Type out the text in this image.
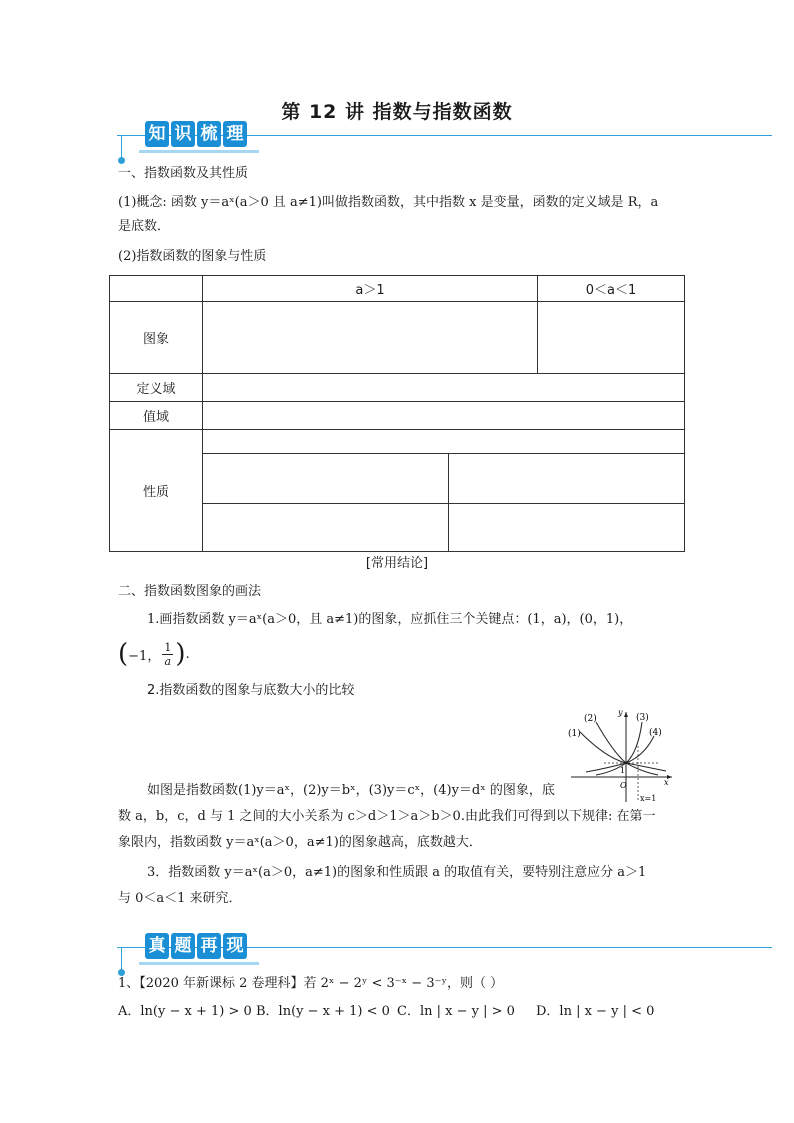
第 12 讲 指数与指数函数
知 识 梳 理
一、指数函数及其性质
(1)概念: 函数 y＝aˣ(a＞0 且 a≠1)叫做指数函数，其中指数 x 是变量，函数的定义域是 R，a
是底数．
(2)指数函数的图象与性质
	a＞1		0＜a＜1
图象			
定义域			
值域			
性质			

[常用结论]
二、指数函数图象的画法
1.画指数函数 y＝aˣ(a＞0，且 a≠1)的图象，应抓住三个关键点：(1，a)，(0，1)，
( −1， $\frac{1}{a}$ ) .
2.指数函数的图象与底数大小的比较
(1)
(2)	(3)
(4)
x
y
O
1
x=1
如图是指数函数(1)y＝aˣ，(2)y＝bˣ，(3)y＝cˣ，(4)y＝dˣ 的图象，底
数 a，b，c，d 与 1 之间的大小关系为 c＞d＞1＞a＞b＞0.由此我们可得到以下规律: 在第一
象限内，指数函数 y＝aˣ(a＞0，a≠1)的图象越高，底数越大．
3．指数函数 y＝aˣ(a＞0，a≠1)的图象和性质跟 a 的取值有关，要特别注意应分 a＞1
与 0＜a＜1 来研究．
真 题 再 现
1、【2020 年新课标 2 卷理科】若 2ˣ − 2ʸ < 3⁻ˣ − 3⁻ʸ，则（ ）
A．ln(y − x + 1) > 0 B．ln(y − x + 1) < 0 C．ln | x − y | > 0 D．ln | x − y | < 0
